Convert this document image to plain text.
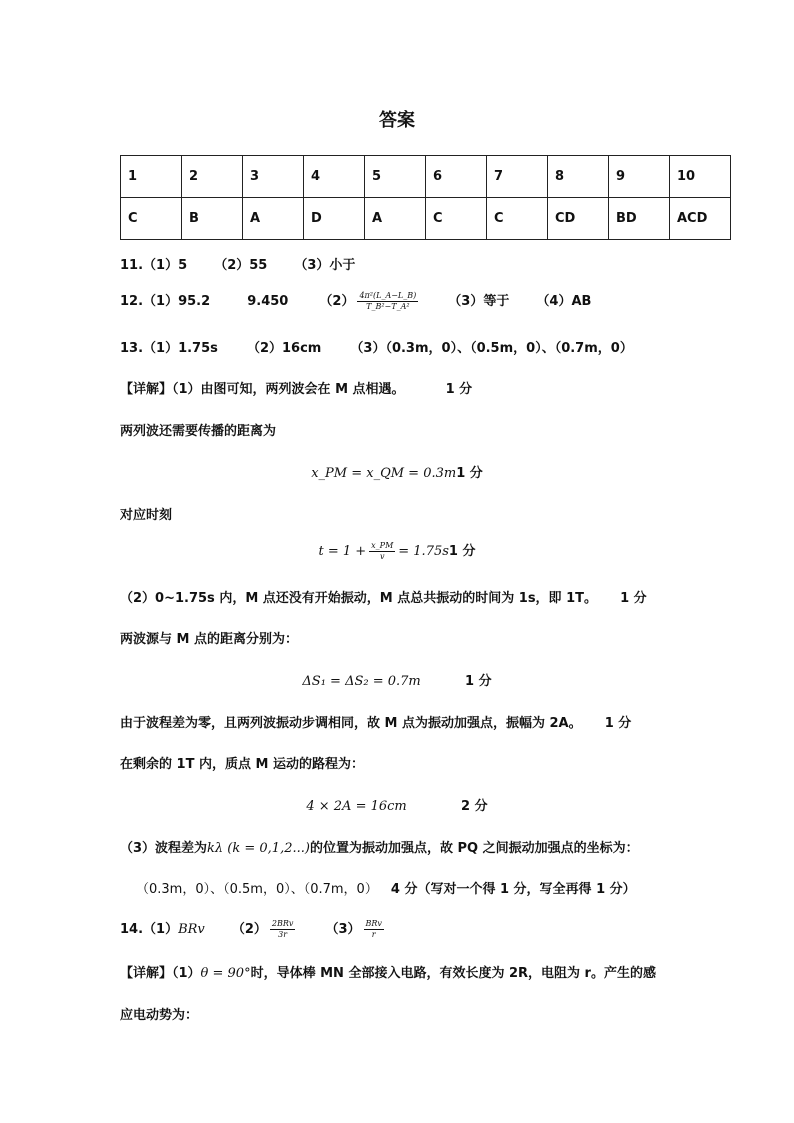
答案
1	2	3	4	5	6	7	8	9	10
C	B	A	D	A	C	C	CD	BD	ACD
11.（1）5 （2）55 （3）小于
12.（1）95.2	9.450 $(2) \frac{\text{4π²(L\_A−L\_B)}}{\text{T\_B²−T\_A²}} (3)$等于 （4）AB
13.（1）1.75s （2）16cm （3）（0.3m，0）、（0.5m，0）、（0.7m，0）
【详解】（1）由图可知，两列波会在 M 点相遇。	1 分
两列波还需要传播的距离为
x_PM = x_QM = 0.3m1 分
对应时刻
$t = 1 + \frac{x\_PM}{v} = 1.75s1$ 分
（2）0~1.75s 内，M 点还没有开始振动，M 点总共振动的时间为 1s，即 1T。 1 分
两波源与 M 点的距离分别为：
ΔS₁ = ΔS₂ = 0.7m	1 分
由于波程差为零，且两列波振动步调相同，故 M 点为振动加强点，振幅为 2A。 1 分
在剩余的 1T 内，质点 M 运动的路程为：
4 × 2A = 16cm	2 分
（3）波程差为kλ (k = 0,1,2...)的位置为振动加强点，故 PQ 之间振动加强点的坐标为：
（0.3m，0）、（0.5m，0）、（0.7m，0） 4 分（写对一个得 1 分，写全再得 1 分）
14.（1）BRv $(2) \frac{\text{2BRv}}{3r} (3) \frac{\text{BRv}}{r}$
【详解】（1）θ = 90°时，导体棒 MN 全部接入电路，有效长度为 2R，电阻为 r。产生的感
应电动势为：
